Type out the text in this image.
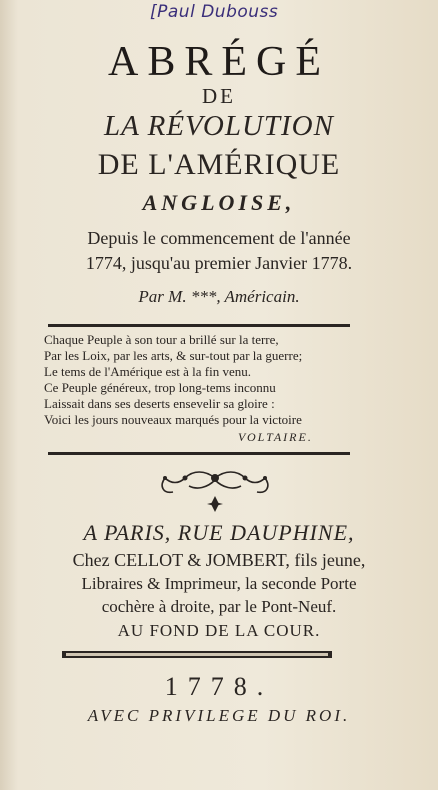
[Paul Dubouss
ABRÉGÉ
DE
LA RÉVOLUTION
DE L'AMÉRIQUE
ANGLOISE,
Depuis le commencement de l'année
1774, jusqu'au premier Janvier 1778.
Par M. ***, Américain.
Chaque Peuple à son tour a brillé sur la terre,
Par les Loix, par les arts, & sur-tout par la guerre;
Le tems de l'Amérique est à la fin venu.
Ce Peuple généreux, trop long-tems inconnu
Laissait dans ses deserts ensevelir sa gloire :
Voici les jours nouveaux marqués pour la victoire
VOLTAIRE.
A PARIS, RUE DAUPHINE,
Chez CELLOT & JOMBERT, fils jeune,
Libraires & Imprimeur, la seconde Porte
cochère à droite, par le Pont-Neuf.
AU FOND DE LA COUR.
1778.
AVEC PRIVILEGE DU ROI.
